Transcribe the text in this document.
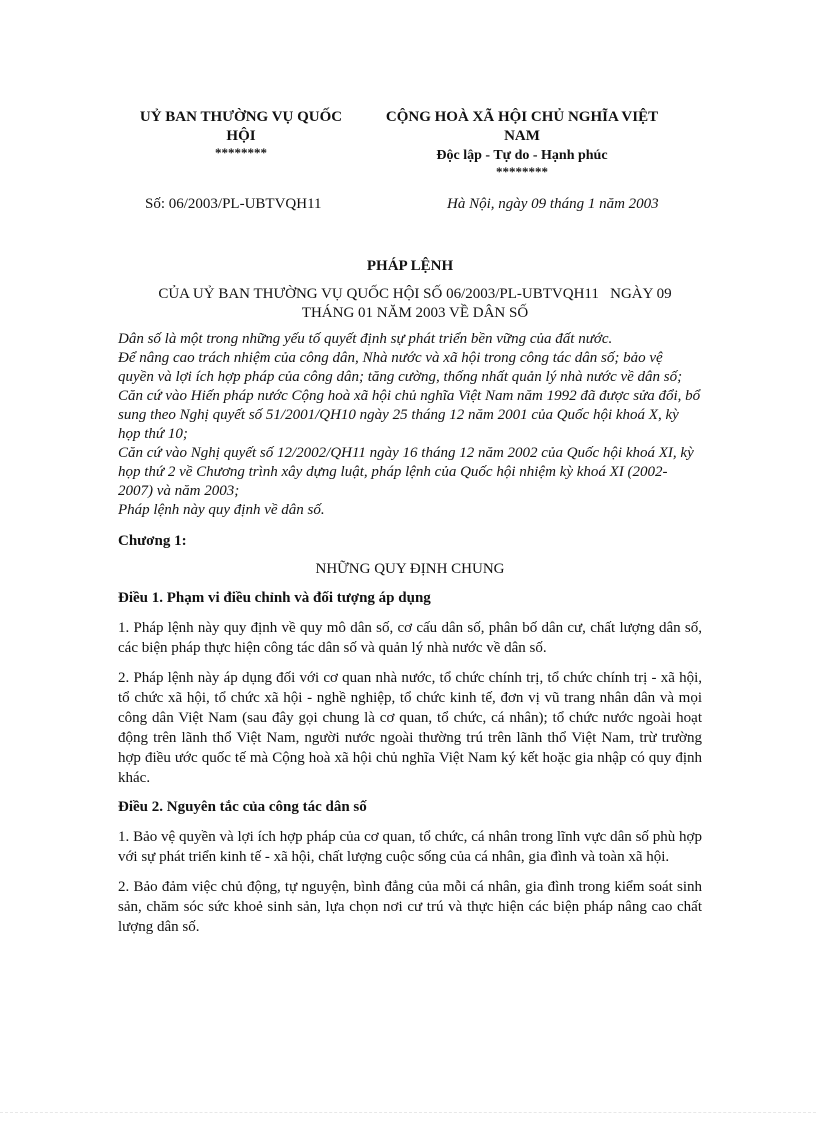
UỶ BAN THƯỜNG VỤ QUỐC
HỘI
********
CỘNG HOÀ XÃ HỘI CHỦ NGHĨA VIỆT
NAM
Độc lập - Tự do - Hạnh phúc
********
Số: 06/2003/PL-UBTVQH11	Hà Nội, ngày 09 tháng 1 năm 2003
PHÁP LỆNH
CỦA UỶ BAN THƯỜNG VỤ QUỐC HỘI SỐ 06/2003/PL-UBTVQH11   NGÀY 09
THÁNG 01 NĂM 2003 VỀ DÂN SỐ

Dân số là một trong những yếu tố quyết định sự phát triển bền vững của đất nước.

Để nâng cao trách nhiệm của công dân, Nhà nước và xã hội trong công tác dân số; bảo vệ quyền và lợi ích hợp pháp của công dân; tăng cường, thống nhất quản lý nhà nước về dân số;

Căn cứ vào Hiến pháp nước Cộng hoà xã hội chủ nghĩa Việt Nam năm 1992 đã được sửa đổi, bổ sung theo Nghị quyết số 51/2001/QH10 ngày 25 tháng 12 năm 2001 của Quốc hội khoá X, kỳ họp thứ 10;

Căn cứ vào Nghị quyết số 12/2002/QH11 ngày 16 tháng 12 năm 2002 của Quốc hội khoá XI, kỳ họp thứ 2 về Chương trình xây dựng luật, pháp lệnh của Quốc hội nhiệm kỳ khoá XI (2002-2007) và năm 2003;

Pháp lệnh này quy định về dân số.

Chương 1:
NHỮNG QUY ĐỊNH CHUNG
Điều 1. Phạm vi điều chỉnh và đối tượng áp dụng

1. Pháp lệnh này quy định về quy mô dân số, cơ cấu dân số, phân bố dân cư, chất lượng dân số, các biện pháp thực hiện công tác dân số và quản lý nhà nước về dân số.

2. Pháp lệnh này áp dụng đối với cơ quan nhà nước, tổ chức chính trị, tổ chức chính trị - xã hội, tổ chức xã hội, tổ chức xã hội - nghề nghiệp, tổ chức kinh tế, đơn vị vũ trang nhân dân và mọi công dân Việt Nam (sau đây gọi chung là cơ quan, tổ chức, cá nhân); tổ chức nước ngoài hoạt động trên lãnh thổ Việt Nam, người nước ngoài thường trú trên lãnh thổ Việt Nam, trừ trường hợp điều ước quốc tế mà Cộng hoà xã hội chủ nghĩa Việt Nam ký kết hoặc gia nhập có quy định khác.

Điều 2. Nguyên tắc của công tác dân số

1. Bảo vệ quyền và lợi ích hợp pháp của cơ quan, tổ chức, cá nhân trong lĩnh vực dân số phù hợp với sự phát triển kinh tế - xã hội, chất lượng cuộc sống của cá nhân, gia đình và toàn xã hội.

2. Bảo đảm việc chủ động, tự nguyện, bình đẳng của mỗi cá nhân, gia đình trong kiểm soát sinh sản, chăm sóc sức khoẻ sinh sản, lựa chọn nơi cư trú và thực hiện các biện pháp nâng cao chất lượng dân số.
